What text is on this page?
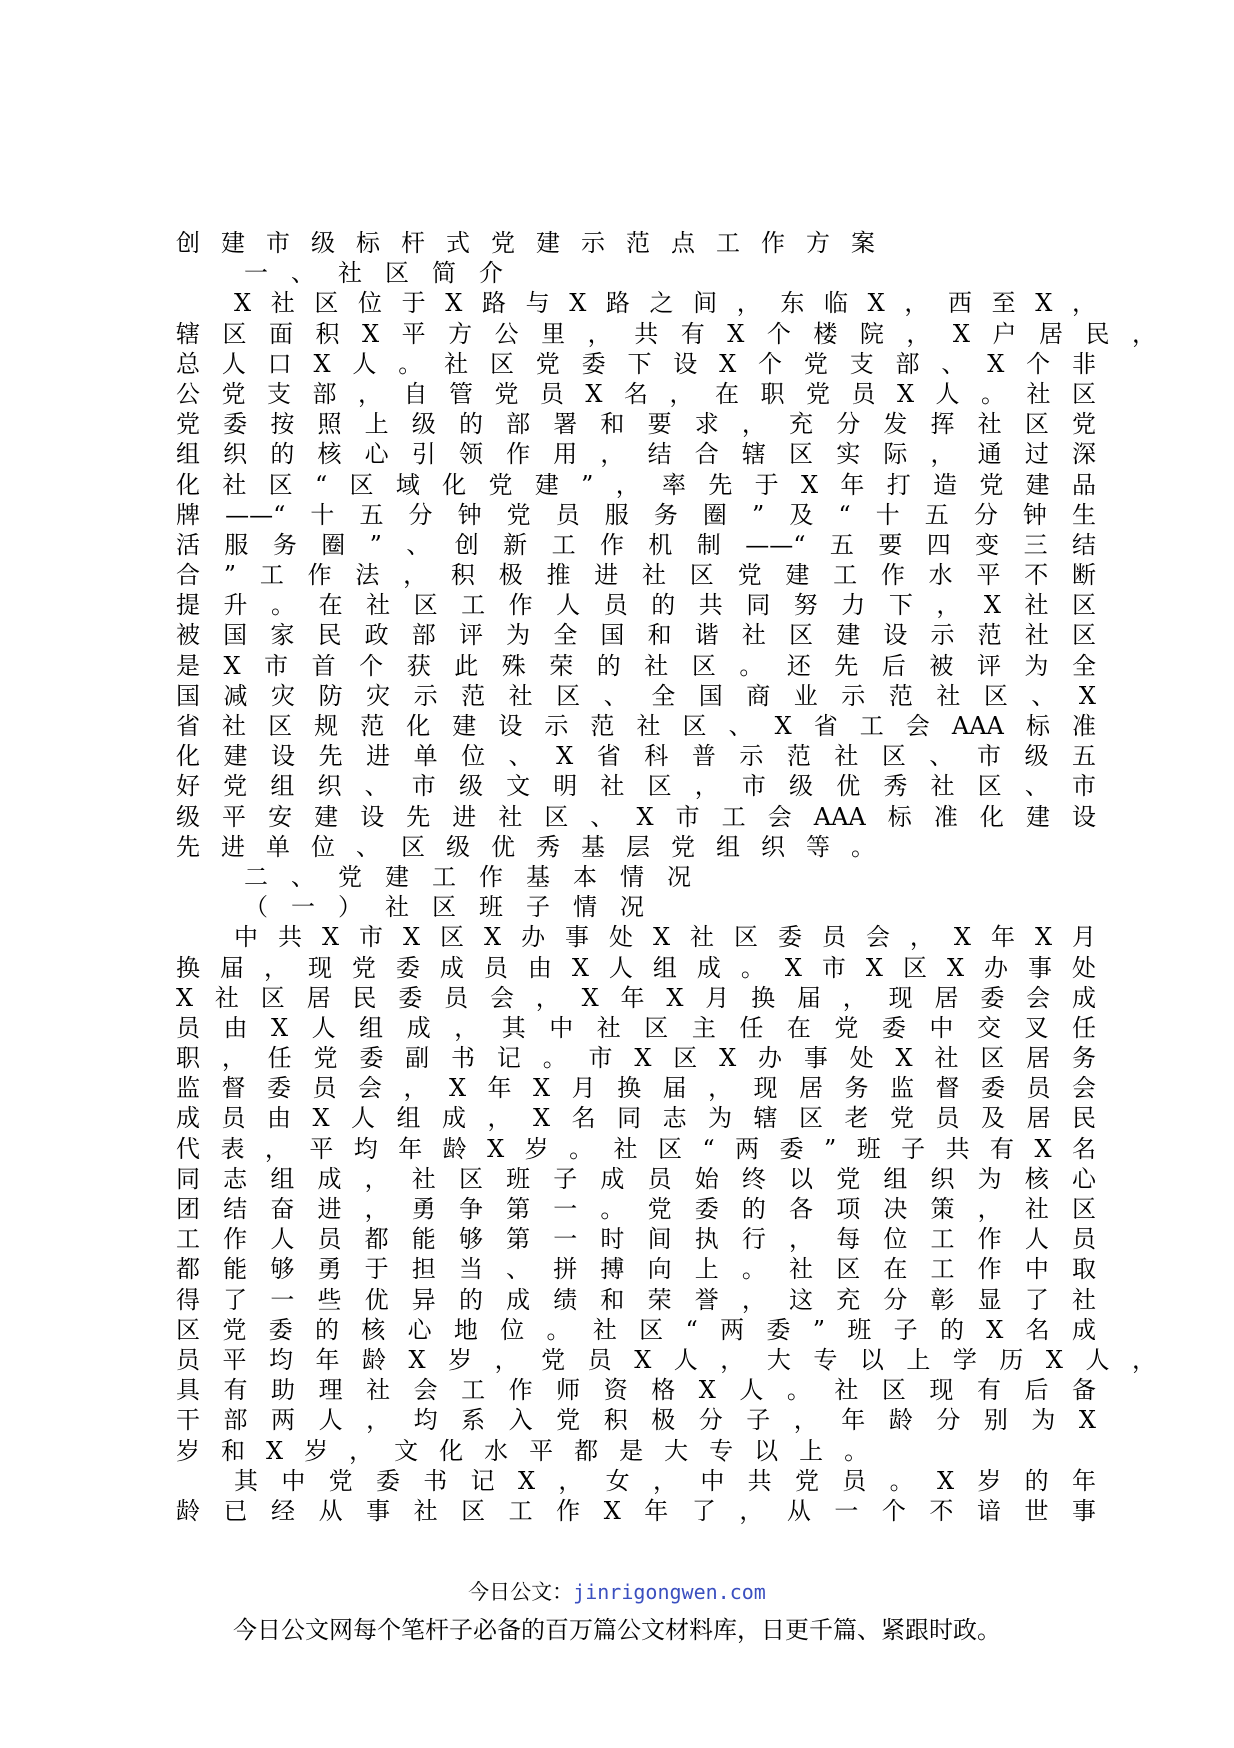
创建市级标杆式党建示范点工作方案
一、社区简介
X社区位于X路与X路之间，东临X，西至X，
辖区面积X平方公里，共有X个楼院，X户居民，
总人口X人。社区党委下设X个党支部、X个非
公党支部，自管党员X名，在职党员X人。社区
党委按照上级的部署和要求，充分发挥社区党
组织的核心引领作用，结合辖区实际，通过深
化社区“区域化党建”，率先于X年打造党建品
牌——“十五分钟党员服务圈”及“十五分钟生
活服务圈”、创新工作机制——“五要四变三结
合”工作法，积极推进社区党建工作水平不断
提升。在社区工作人员的共同努力下，X社区
被国家民政部评为全国和谐社区建设示范社区
是X市首个获此殊荣的社区。还先后被评为全
国减灾防灾示范社区、全国商业示范社区、X
省社区规范化建设示范社区、X省工会AAA标准
化建设先进单位、X省科普示范社区、市级五
好党组织、市级文明社区，市级优秀社区、市
级平安建设先进社区、X市工会AAA标准化建设
先进单位、区级优秀基层党组织等。
二、党建工作基本情况
（一）社区班子情况
中共X市X区X办事处X社区委员会，X年X月
换届，现党委成员由X人组成。X市X区X办事处
X社区居民委员会，X年X月换届，现居委会成
员由X人组成，其中社区主任在党委中交叉任
职，任党委副书记。市X区X办事处X社区居务
监督委员会，X年X月换届，现居务监督委员会
成员由X人组成，X名同志为辖区老党员及居民
代表，平均年龄X岁。社区“两委”班子共有X名
同志组成，社区班子成员始终以党组织为核心
团结奋进，勇争第一。党委的各项决策，社区
工作人员都能够第一时间执行，每位工作人员
都能够勇于担当、拼搏向上。社区在工作中取
得了一些优异的成绩和荣誉，这充分彰显了社
区党委的核心地位。社区“两委”班子的X名成
员平均年龄X岁，党员X人，大专以上学历X人，
具有助理社会工作师资格X人。社区现有后备
干部两人，均系入党积极分子，年龄分别为X
岁和X岁，文化水平都是大专以上。
其中党委书记X，女，中共党员。X岁的年
龄已经从事社区工作X年了，从一个不谙世事
今日公文：jinrigongwen.com
今日公文网每个笔杆子必备的百万篇公文材料库，日更千篇、紧跟时政。
